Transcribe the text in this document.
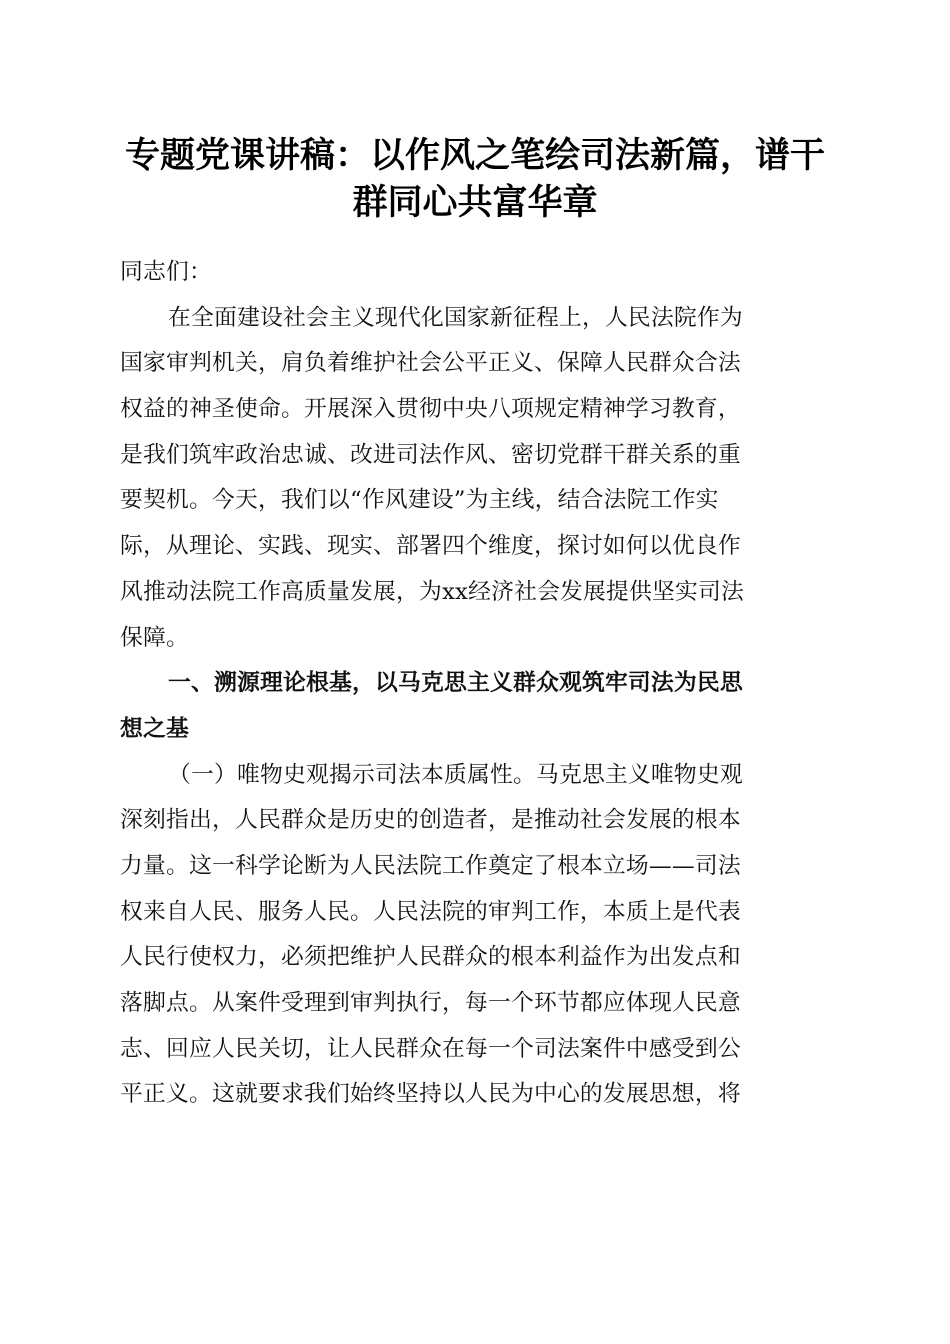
专题党课讲稿：以作风之笔绘司法新篇，谱干
群同心共富华章
同志们：
在全面建设社会主义现代化国家新征程上，人民法院作为
国家审判机关，肩负着维护社会公平正义、保障人民群众合法
权益的神圣使命。开展深入贯彻中央八项规定精神学习教育，
是我们筑牢政治忠诚、改进司法作风、密切党群干群关系的重
要契机。今天，我们以“作风建设”为主线，结合法院工作实
际，从理论、实践、现实、部署四个维度，探讨如何以优良作
风推动法院工作高质量发展，为xx经济社会发展提供坚实司法
保障。
一、溯源理论根基，以马克思主义群众观筑牢司法为民思
想之基
（一）唯物史观揭示司法本质属性。马克思主义唯物史观
深刻指出，人民群众是历史的创造者，是推动社会发展的根本
力量。这一科学论断为人民法院工作奠定了根本立场——司法
权来自人民、服务人民。人民法院的审判工作，本质上是代表
人民行使权力，必须把维护人民群众的根本利益作为出发点和
落脚点。从案件受理到审判执行，每一个环节都应体现人民意
志、回应人民关切，让人民群众在每一个司法案件中感受到公
平正义。这就要求我们始终坚持以人民为中心的发展思想，将
